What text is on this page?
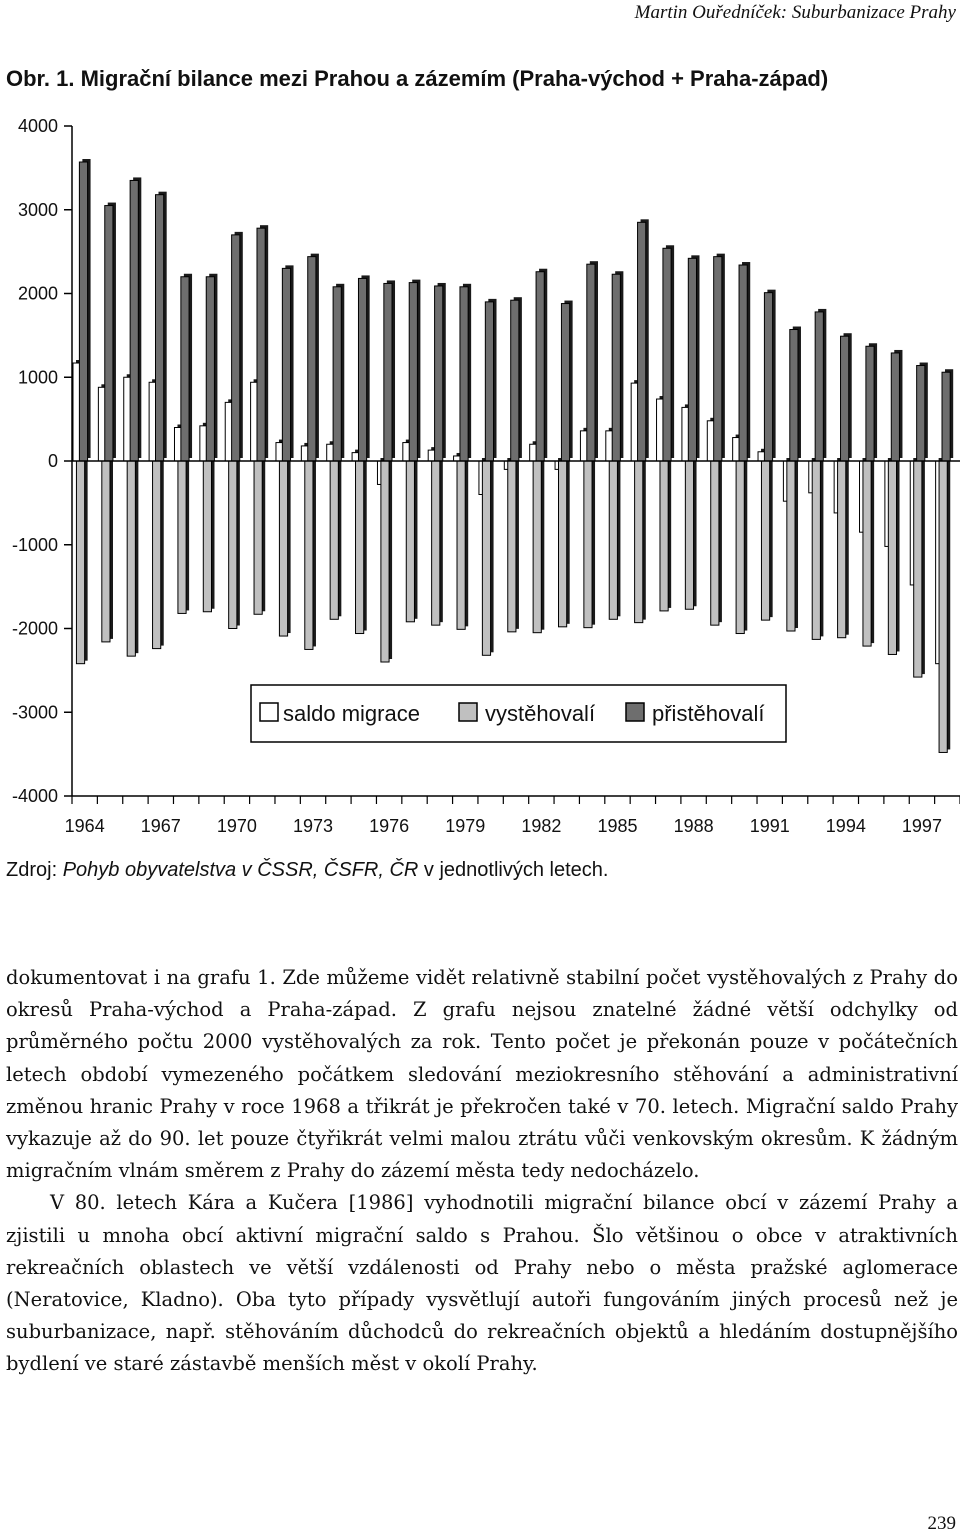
Martin Ouředníček: Suburbanizace Prahy
Obr. 1. Migrační bilance mezi Prahou a zázemím (Praha-východ + Praha-západ)
4000
3000
2000
1000
0
-1000
-2000
-3000
-4000
1964 1967 1970 1973 1976 1979 1982 1985 1988 1991 1994 1997
saldo migrace	vystěhovalí	přistěhovalí
Zdroj: Pohyb obyvatelstva v ČSSR, ČSFR, ČR v jednotlivých letech.

dokumentovat i na grafu 1. Zde můžeme vidět relativně stabilní počet vystěhovalých z Prahy do okresů Praha-východ a Praha-západ. Z grafu nejsou znatelné žádné větší odchylky od průměrného počtu 2000 vystěhovalých za rok. Tento počet je překonán pouze v počátečních letech období vymezeného počátkem sledování meziokresního stěhování a administrativní změnou hranic Prahy v roce 1968 a třikrát je překročen také v 70. letech. Migrační saldo Prahy vykazuje až do 90. let pouze čtyřikrát velmi malou ztrátu vůči venkovským okresům. K žádným migračním vlnám směrem z Prahy do zázemí města tedy nedocházelo.

V 80. letech Kára a Kučera [1986] vyhodnotili migrační bilance obcí v zázemí Prahy a zjistili u mnoha obcí aktivní migrační saldo s Prahou. Šlo většinou o obce v atraktivních rekreačních oblastech ve větší vzdálenosti od Prahy nebo o města pražské aglomerace (Neratovice, Kladno). Oba tyto případy vysvětlují autoři fungováním jiných procesů než je suburbanizace, např. stěhováním důchodců do rekreačních objektů a hledáním dostupnějšího bydlení ve staré zástavbě menších měst v okolí Prahy.

239
